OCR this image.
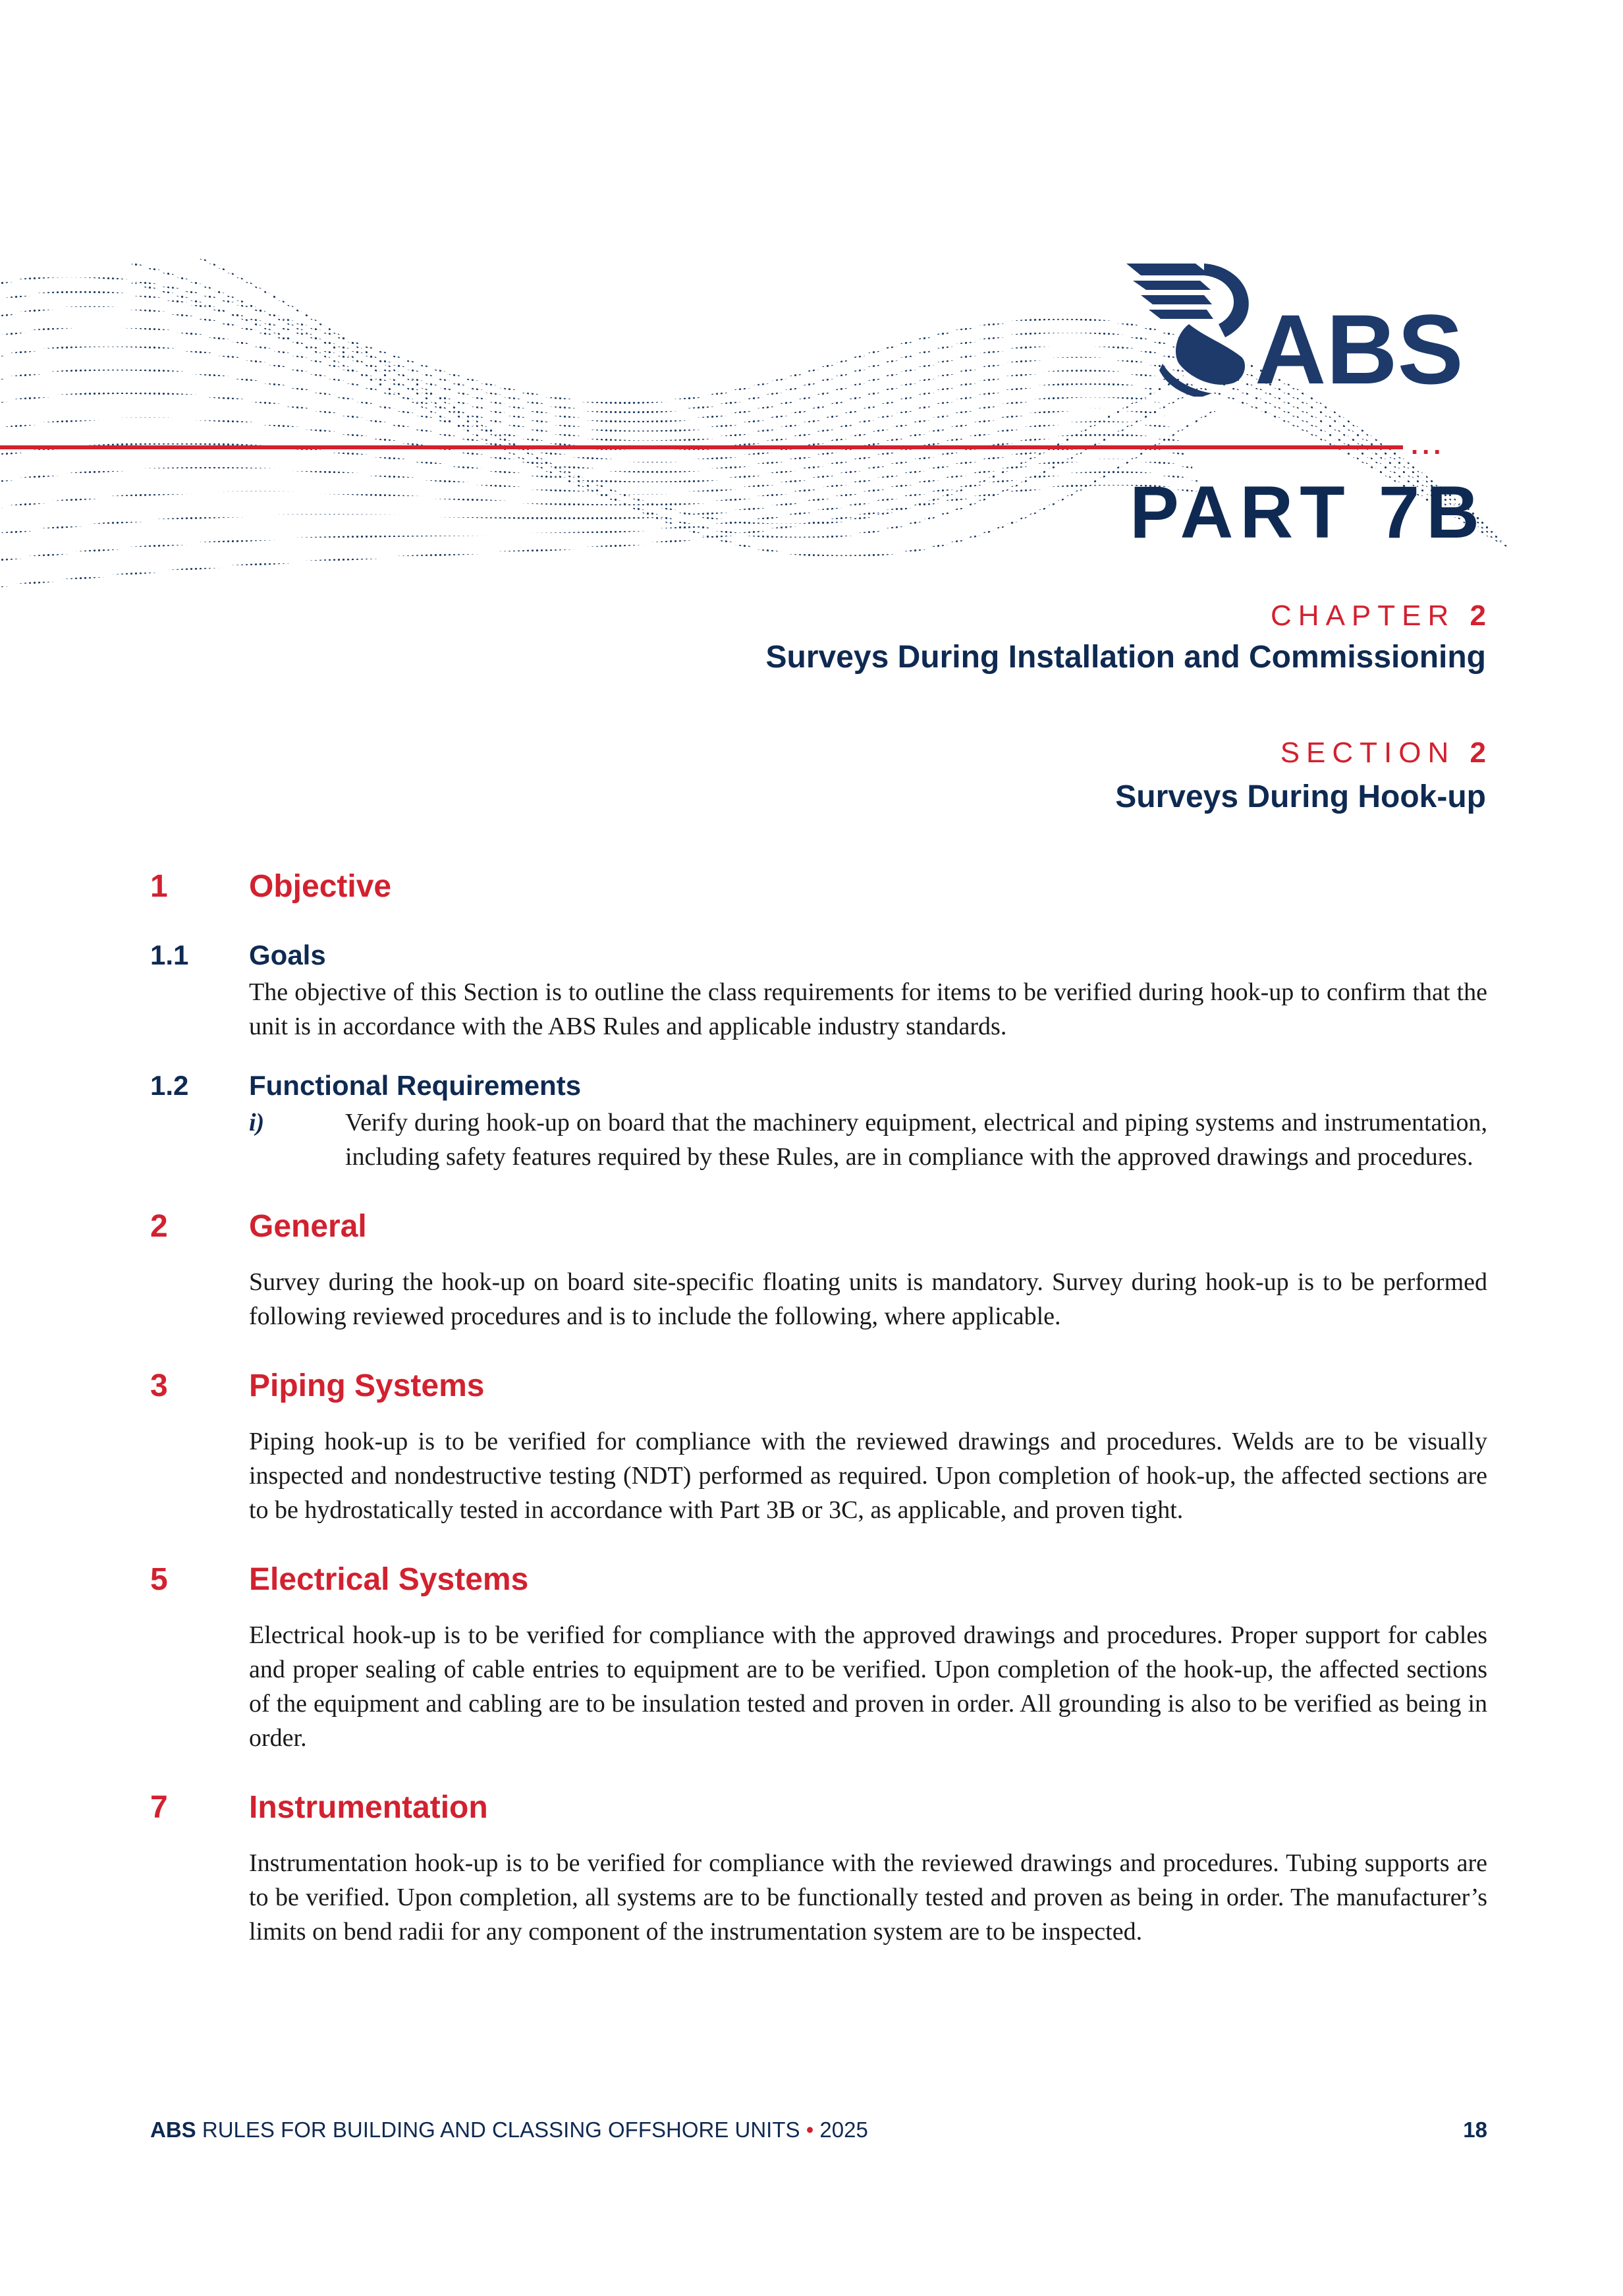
...
ABS
PART 7B
CHAPTER 2
Surveys During Installation and Commissioning
SECTION 2
Surveys During Hook-up
1	Objective
1.1	Goals

The objective of this Section is to outline the class requirements for items to be verified during hook-up to confirm that the unit is in accordance with the ABS Rules and applicable industry standards.

1.2	Functional Requirements
i)	Verify during hook-up on board that the machinery equipment, electrical and piping systems and instrumentation, including safety features required by these Rules, are in compliance with the approved drawings and procedures.
2	General

Survey during the hook-up on board site-specific floating units is mandatory. Survey during hook-up is to be performed following reviewed procedures and is to include the following, where applicable.

3	Piping Systems

Piping hook-up is to be verified for compliance with the reviewed drawings and procedures. Welds are to be visually inspected and nondestructive testing (NDT) performed as required. Upon completion of hook-up, the affected sections are to be hydrostatically tested in accordance with Part 3B or 3C, as applicable, and proven tight.

5	Electrical Systems

Electrical hook-up is to be verified for compliance with the approved drawings and procedures. Proper support for cables and proper sealing of cable entries to equipment are to be verified. Upon completion of the hook-up, the affected sections of the equipment and cabling are to be insulation tested and proven in order. All grounding is also to be verified as being in order.

7	Instrumentation

Instrumentation hook-up is to be verified for compliance with the reviewed drawings and procedures. Tubing supports are to be verified. Upon completion, all systems are to be functionally tested and proven as being in order. The manufacturer’s limits on bend radii for any component of the instrumentation system are to be inspected.

ABS RULES FOR BUILDING AND CLASSING OFFSHORE UNITS • 2025	18
